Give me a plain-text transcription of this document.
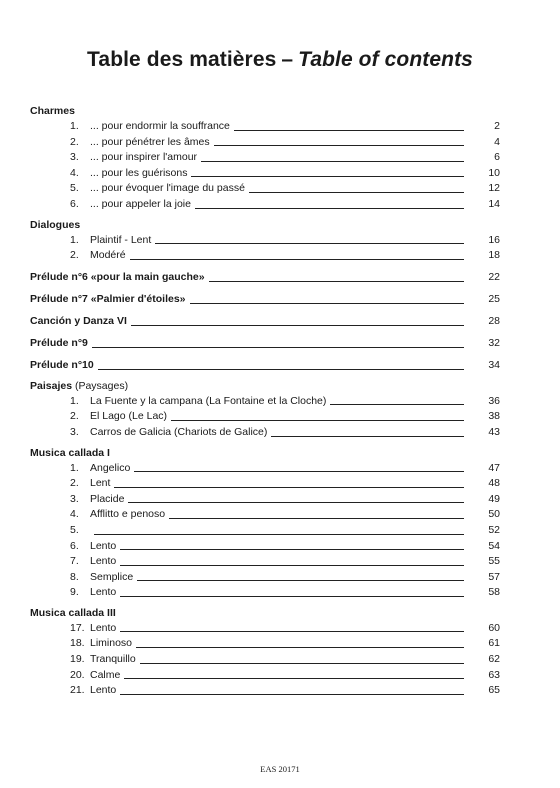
Table des matières – Table of contents
Charmes
1.	... pour endormir la souffrance	2
2.	... pour pénétrer les âmes	4
3.	... pour inspirer l'amour	6
4.	... pour les guérisons	10
5.	... pour évoquer l'image du passé	12
6.	... pour appeler la joie	14
Dialogues
1.	Plaintif - Lent	16
2.	Modéré	18
Prélude n°6 «pour la main gauche»	22
Prélude n°7 «Palmier d'étoiles»	25
Canción y Danza VI	28
Prélude n°9	32
Prélude n°10	34
Paisajes (Paysages)
1.	La Fuente y la campana (La Fontaine et la Cloche)	36
2.	El Lago (Le Lac)	38
3.	Carros de Galicia (Chariots de Galice)	43
Musica callada I
1.	Angelico	47
2.	Lent	48
3.	Placide	49
4.	Afflitto e penoso	50
5.	52
6.	Lento	54
7.	Lento	55
8.	Semplice	57
9.	Lento	58
Musica callada III
17. Lento	60
18. Liminoso	61
19. Tranquillo	62
20. Calme	63
21. Lento	65
EAS 20171
